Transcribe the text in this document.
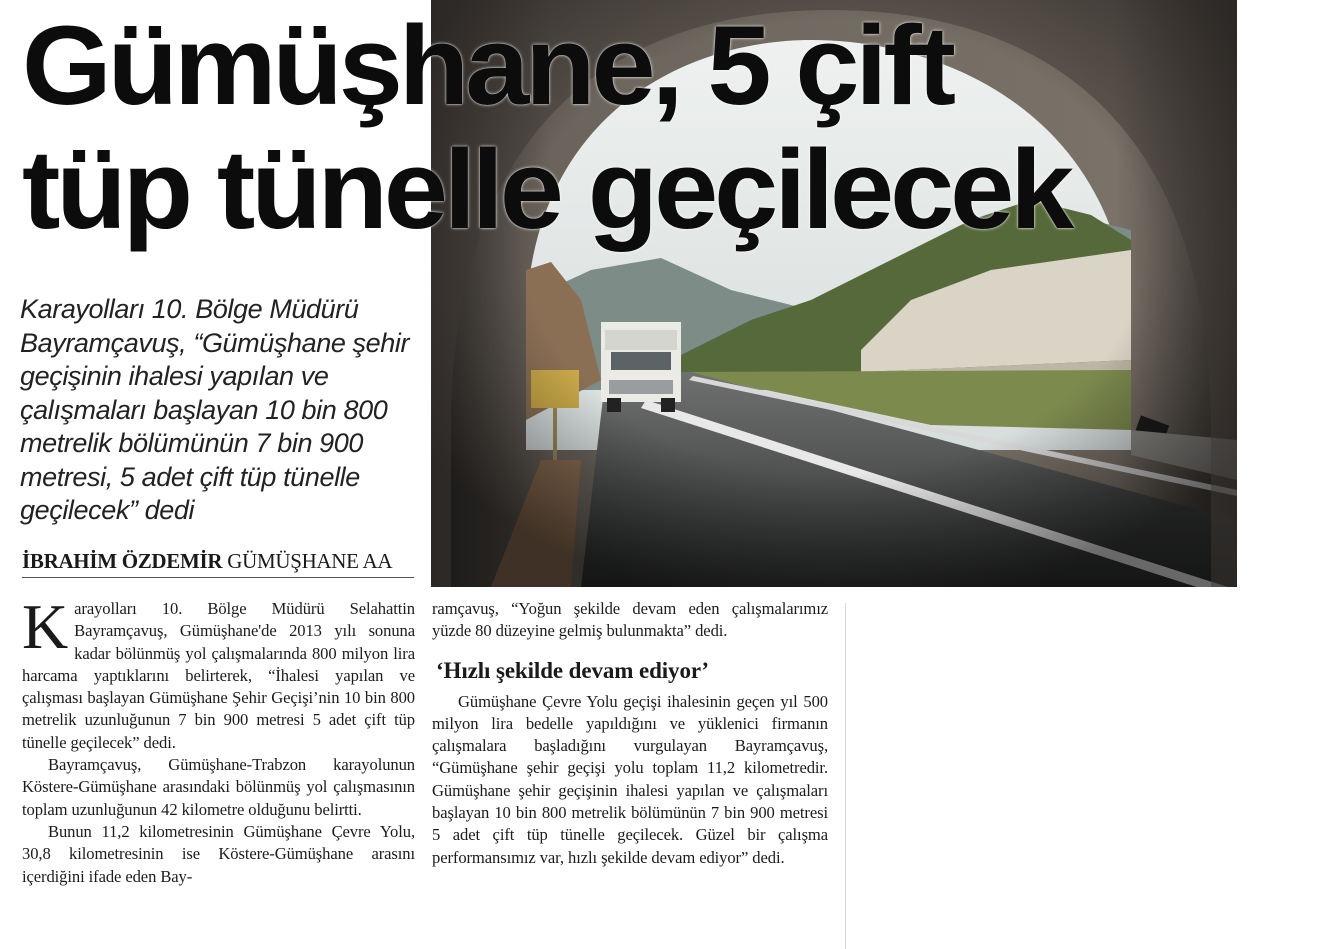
Gümüşhane, 5 çift
tüp tünelle geçilecek

Karayolları 10. Bölge Müdürü Bayramçavuş, “Gümüşhane şehir geçişinin ihalesi yapılan ve çalışmaları başlayan 10 bin 800 metrelik bölümünün 7 bin 900 metresi, 5 adet çift tüp tünelle geçilecek” dedi

İBRAHİM ÖZDEMİR GÜMÜŞHANE AA

Karayolları 10. Bölge Müdürü Selahattin Bayramçavuş, Gümüşhane'de 2013 yılı sonuna kadar bölünmüş yol çalışmalarında 800 milyon lira harcama yaptıklarını belirterek, “İhalesi yapılan ve çalışması başlayan Gümüşhane Şehir Geçişi’nin 10 bin 800 metrelik uzunluğunun 7 bin 900 metresi 5 adet çift tüp tünelle geçilecek” dedi.

Bayramçavuş, Gümüşhane-Trabzon karayolunun Köstere-Gümüşhane arasındaki bölünmüş yol çalışmasının toplam uzunluğunun 42 kilometre olduğunu belirtti.

Bunun 11,2 kilometresinin Gümüşhane Çevre Yolu, 30,8 kilometresinin ise Köstere-Gümüşhane arasını içerdiğini ifade eden Bay-

ramçavuş, “Yoğun şekilde devam eden çalışmalarımız yüzde 80 düzeyine gelmiş bulunmakta” dedi.

‘Hızlı şekilde devam ediyor’

Gümüşhane Çevre Yolu geçişi ihalesinin geçen yıl 500 milyon lira bedelle yapıldığını ve yüklenici firmanın çalışmalara başladığını vurgulayan Bayramçavuş, “Gümüşhane şehir geçişi yolu toplam 11,2 kilometredir. Gümüşhane şehir geçişinin ihalesi yapılan ve çalışmaları başlayan 10 bin 800 metrelik bölümünün 7 bin 900 metresi 5 adet çift tüp tünelle geçilecek. Güzel bir çalışma performansımız var, hızlı şekilde devam ediyor” dedi.
